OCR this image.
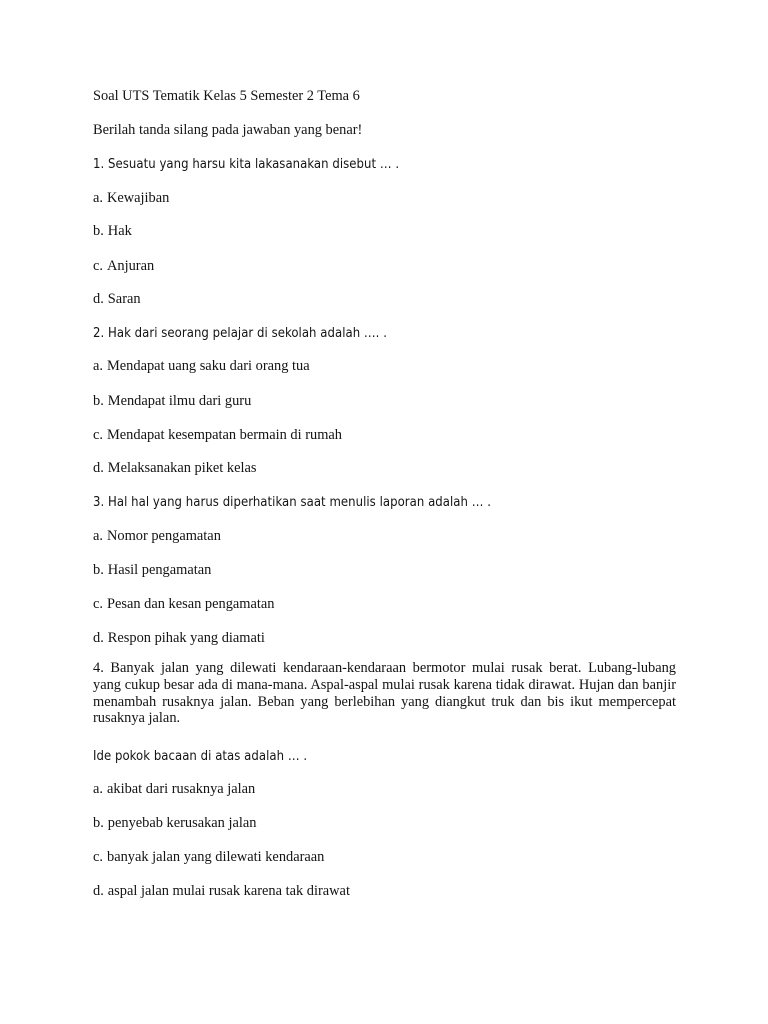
Soal UTS Tematik Kelas 5 Semester 2 Tema 6
Berilah tanda silang pada jawaban yang benar!
1. Sesuatu yang harsu kita lakasanakan disebut … .
a. Kewajiban
b. Hak
c. Anjuran
d. Saran
2. Hak dari seorang pelajar di sekolah adalah …. .
a. Mendapat uang saku dari orang tua
b. Mendapat ilmu dari guru
c. Mendapat kesempatan bermain di rumah
d. Melaksanakan piket kelas
3. Hal hal yang harus diperhatikan saat menulis laporan adalah … .
a. Nomor pengamatan
b. Hasil pengamatan
c. Pesan dan kesan pengamatan
d. Respon pihak yang diamati
4. Banyak jalan yang dilewati kendaraan-kendaraan bermotor mulai rusak berat. Lubang-lubang yang cukup besar ada di mana-mana. Aspal-aspal mulai rusak karena tidak dirawat. Hujan dan banjir menambah rusaknya jalan. Beban yang berlebihan yang diangkut truk dan bis ikut mempercepat rusaknya jalan.
Ide pokok bacaan di atas adalah … .
a. akibat dari rusaknya jalan
b. penyebab kerusakan jalan
c. banyak jalan yang dilewati kendaraan
d. aspal jalan mulai rusak karena tak dirawat
